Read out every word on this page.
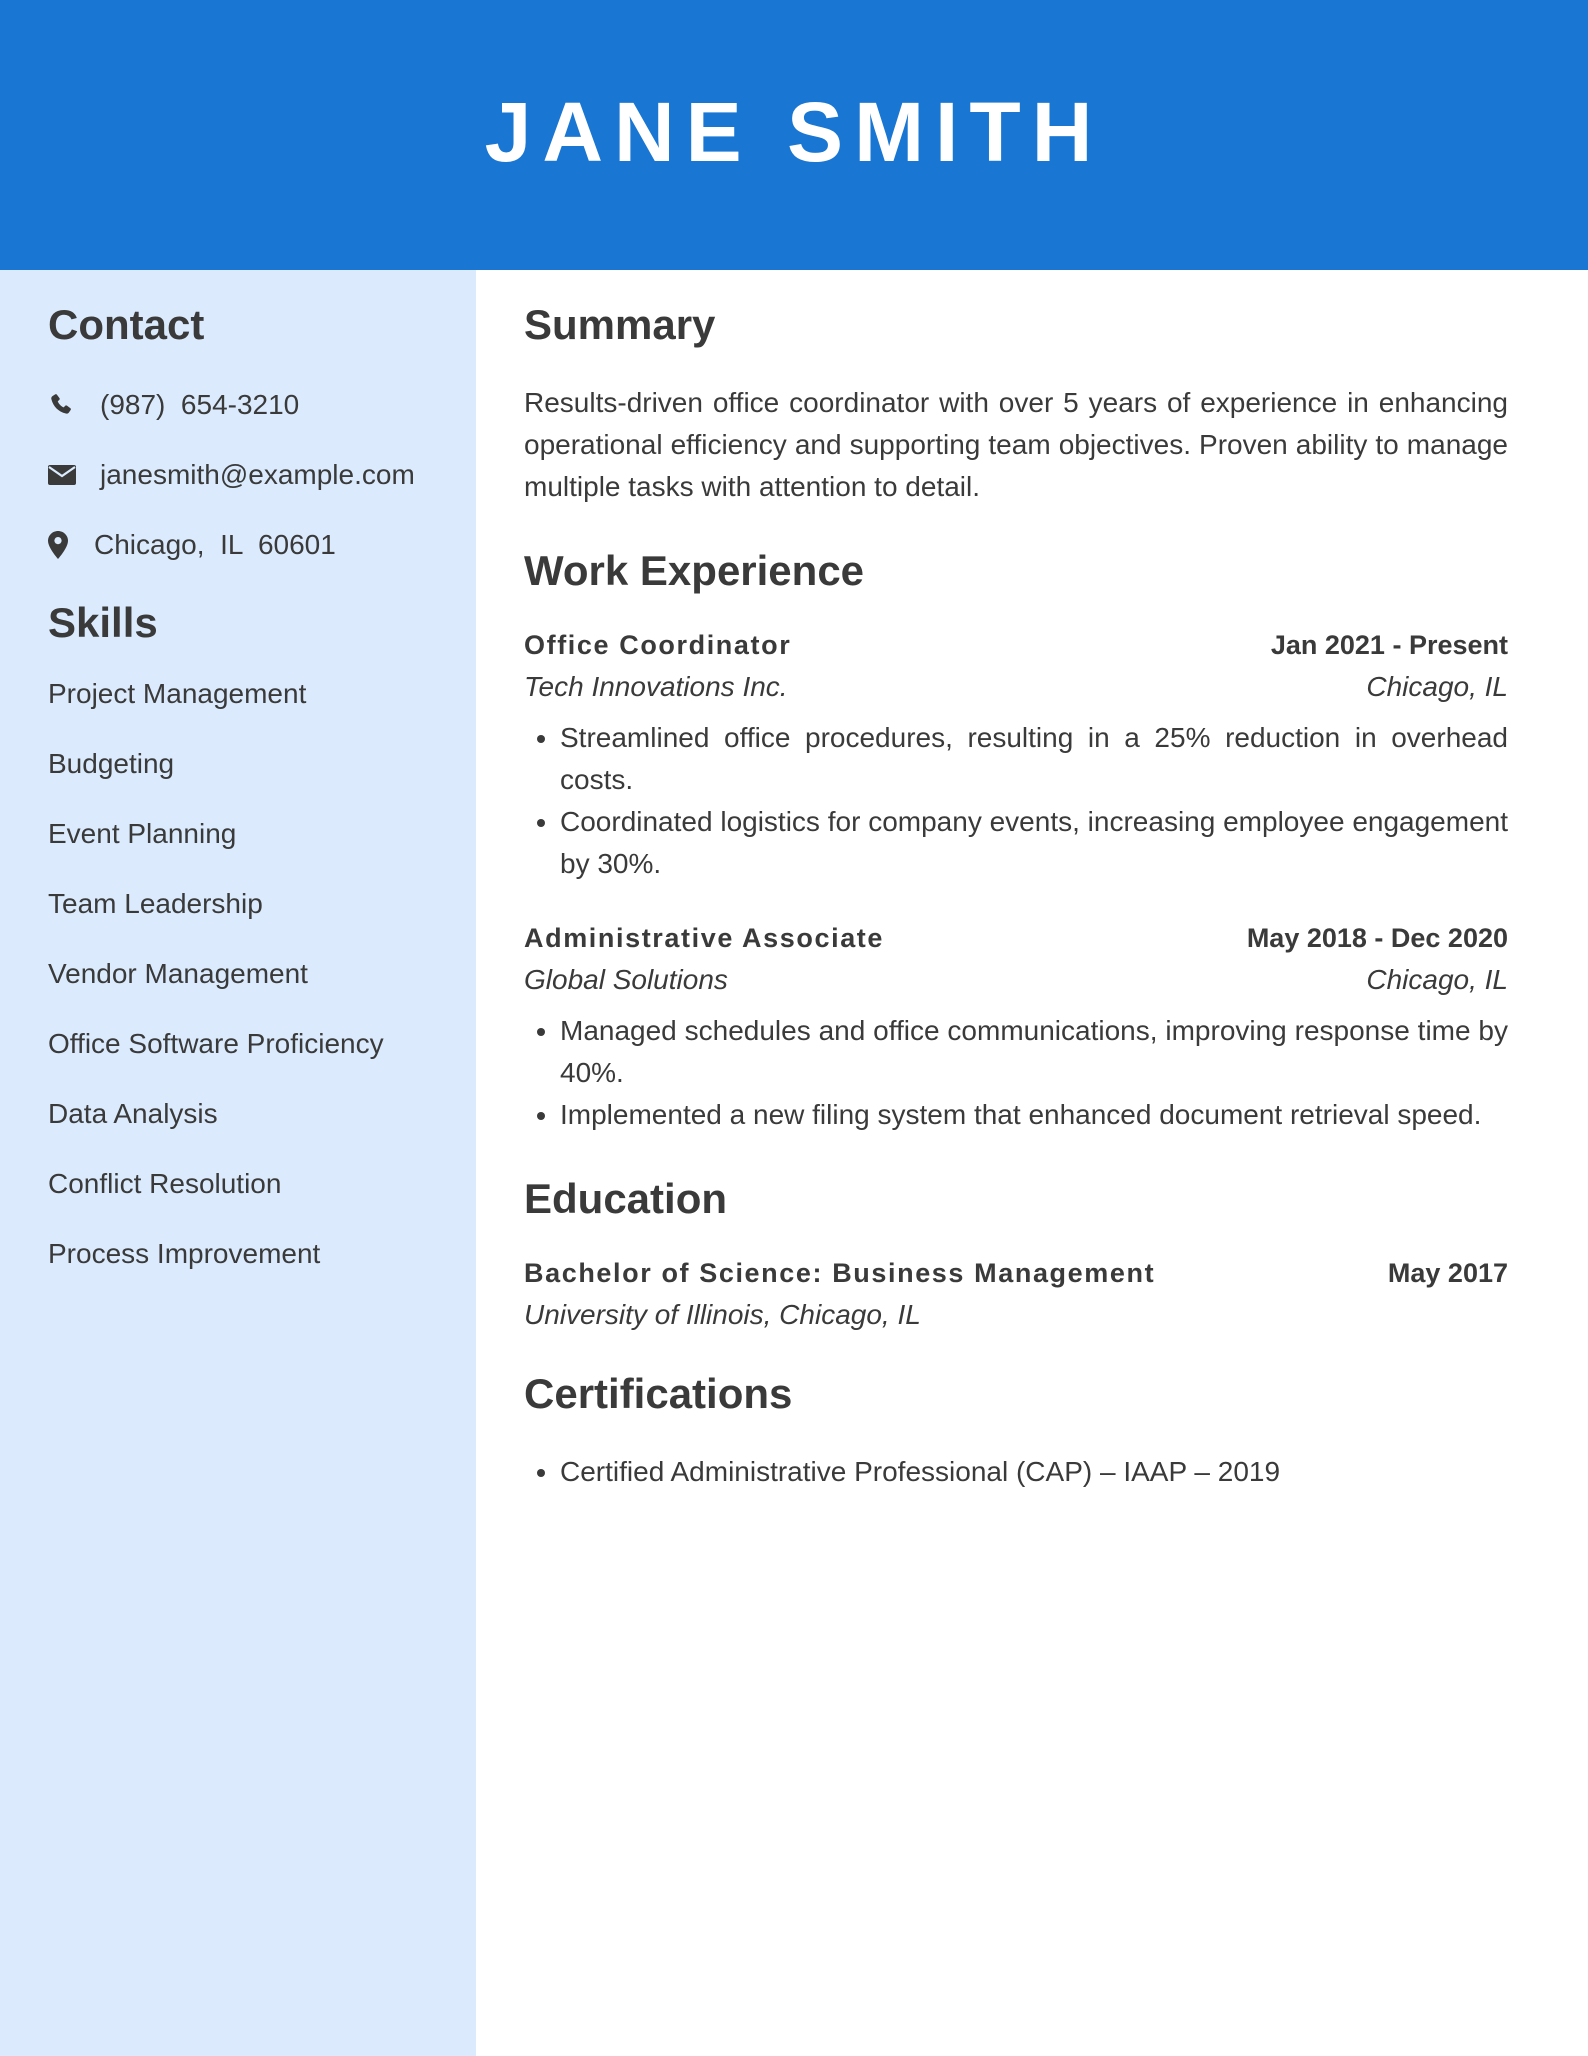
JANE SMITH
Contact
(987)  654-3210
janesmith@example.com
Chicago,  IL  60601
Skills
Project Management
Budgeting
Event Planning
Team Leadership
Vendor Management
Office Software Proficiency
Data Analysis
Conflict Resolution
Process Improvement
Summary

Results-driven office coordinator with over 5 years of experience in enhancing operational efficiency and supporting team objectives. Proven ability to manage multiple tasks with attention to detail.

Work Experience
Office Coordinator	Jan 2021 - Present
Tech Innovations Inc.	Chicago, IL
• Streamlined office procedures, resulting in a 25% reduction in overhead costs.
• Coordinated logistics for company events, increasing employee engagement by 30%.
Administrative Associate	May 2018 - Dec 2020
Global Solutions	Chicago, IL
• Managed schedules and office communications, improving response time by 40%.
• Implemented a new filing system that enhanced document retrieval speed.
Education
Bachelor of Science: Business Management	May 2017
University of Illinois, Chicago, IL
Certifications
• Certified Administrative Professional (CAP) – IAAP – 2019
